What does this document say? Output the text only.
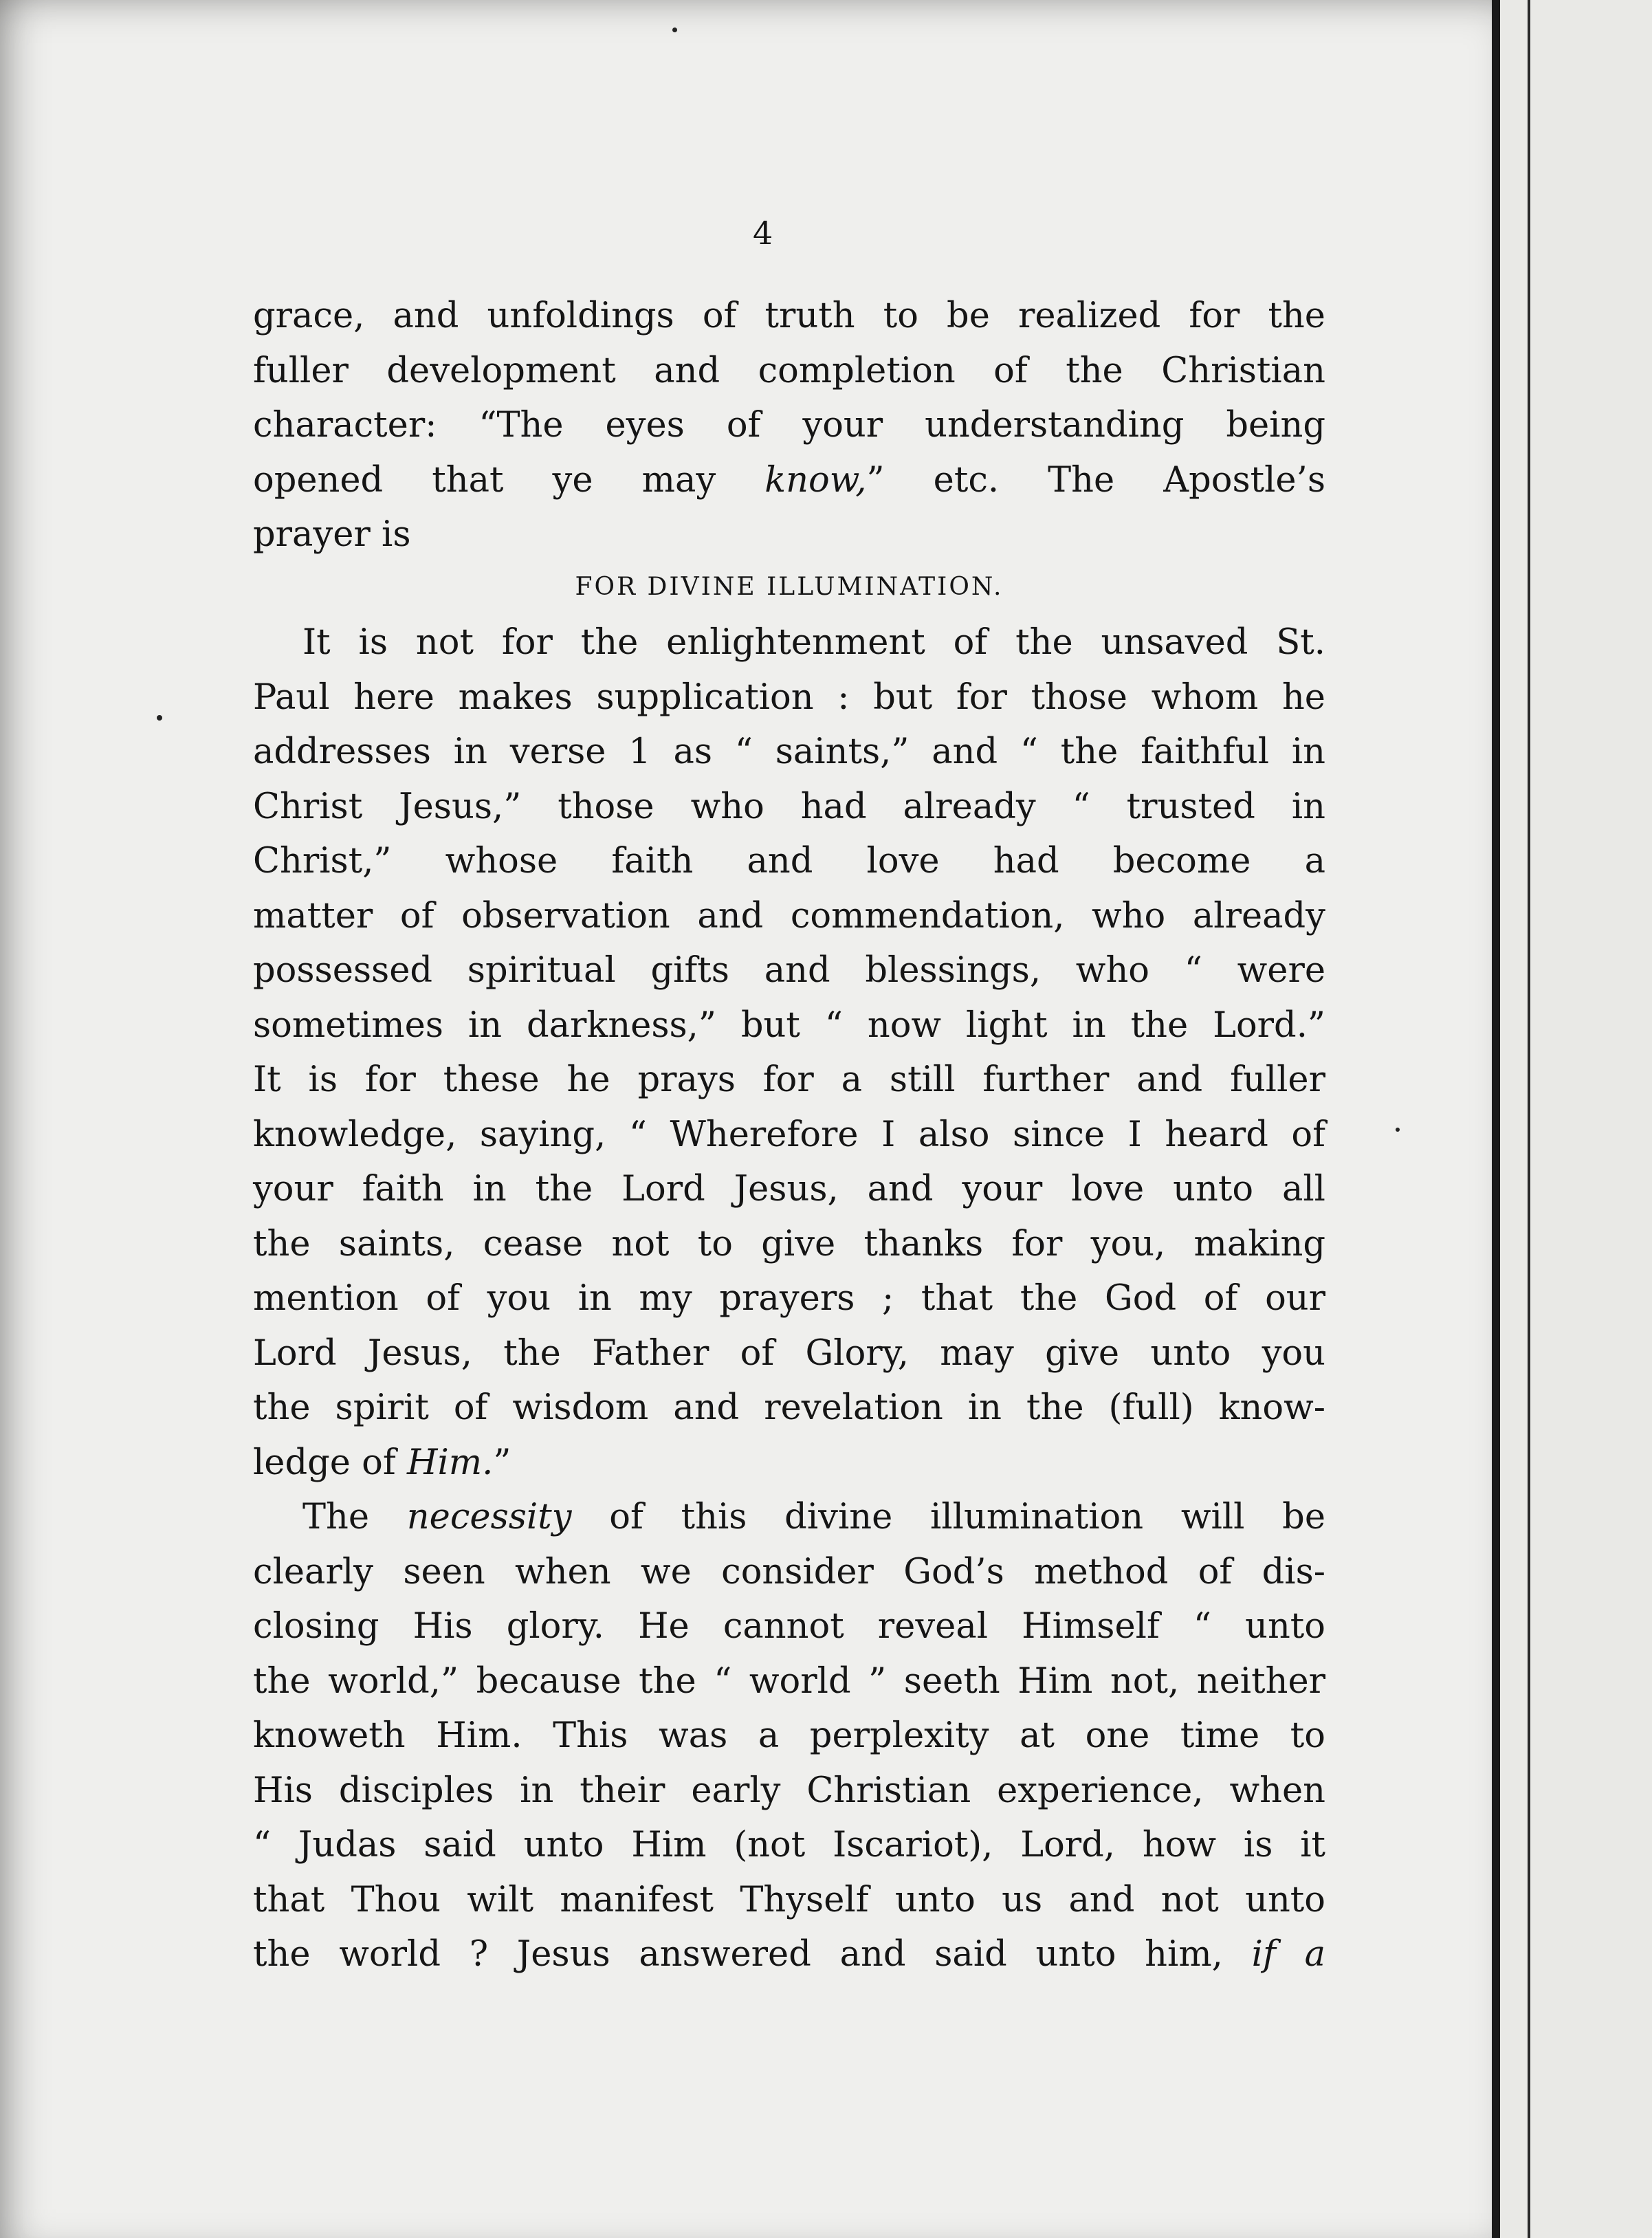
4

grace, and unfoldings of truth to be realized for the
fuller development and completion of the Christian
character: “The eyes of your understanding being
opened that ye may know,” etc. The Apostle’s
prayer is

FOR DIVINE ILLUMINATION.

It is not for the enlightenment of the unsaved St.
Paul here makes supplication : but for those whom he
addresses in verse 1 as “ saints,” and “ the faithful in
Christ Jesus,” those who had already “ trusted in
Christ,” whose faith and love had become a
matter of observation and commendation, who already
possessed spiritual gifts and blessings, who “ were
sometimes in darkness,” but “ now light in the Lord.”
It is for these he prays for a still further and fuller
knowledge, saying, “ Wherefore I also since I heard of
your faith in the Lord Jesus, and your love unto all
the saints, cease not to give thanks for you, making
mention of you in my prayers ; that the God of our
Lord Jesus, the Father of Glory, may give unto you
the spirit of wisdom and revelation in the (full) know-
ledge of Him.”

The necessity of this divine illumination will be
clearly seen when we consider God’s method of dis-
closing His glory. He cannot reveal Himself “ unto
the world,” because the “ world ” seeth Him not, neither
knoweth Him. This was a perplexity at one time to
His disciples in their early Christian experience, when
“ Judas said unto Him (not Iscariot), Lord, how is it
that Thou wilt manifest Thyself unto us and not unto
the world ? Jesus answered and said unto him, if a
